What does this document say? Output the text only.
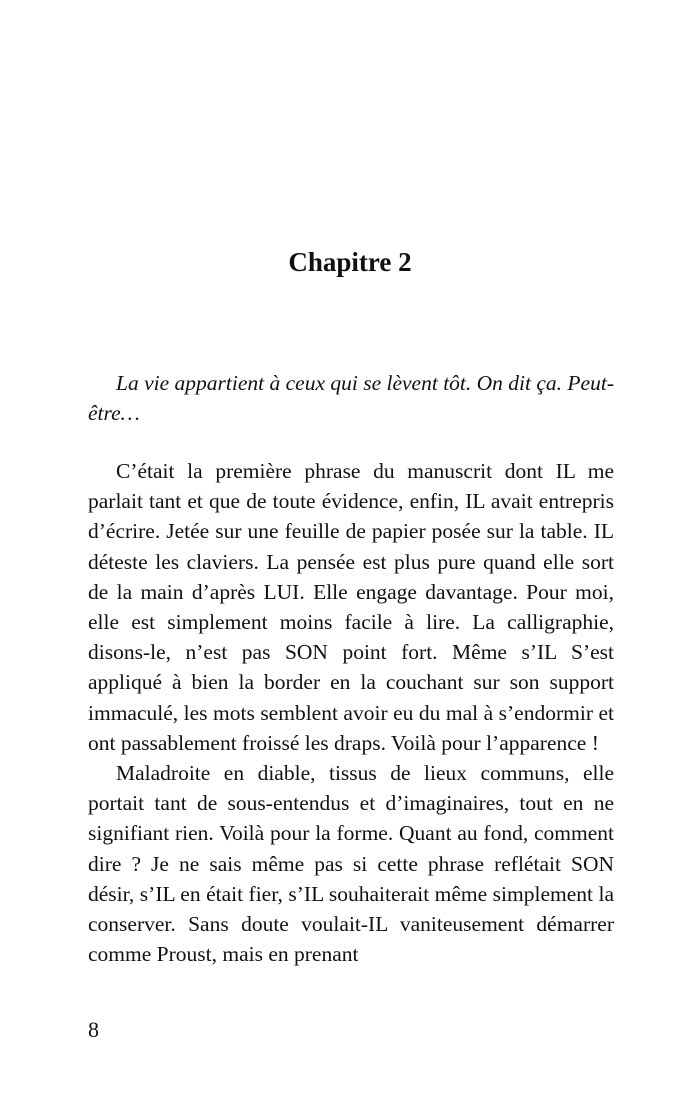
Chapitre 2

La vie appartient à ceux qui se lèvent tôt. On dit ça. Peut-être…

C’était la première phrase du manuscrit dont IL me parlait tant et que de toute évidence, enfin, IL avait entrepris d’écrire. Jetée sur une feuille de papier posée sur la table. IL déteste les claviers. La pensée est plus pure quand elle sort de la main d’après LUI. Elle engage davantage. Pour moi, elle est simplement moins facile à lire. La calligraphie, disons-le, n’est pas SON point fort. Même s’IL S’est appliqué à bien la border en la couchant sur son support immaculé, les mots semblent avoir eu du mal à s’endormir et ont passablement froissé les draps. Voilà pour l’apparence !

Maladroite en diable, tissus de lieux communs, elle portait tant de sous-entendus et d’imaginaires, tout en ne signifiant rien. Voilà pour la forme. Quant au fond, comment dire ? Je ne sais même pas si cette phrase reflétait SON désir, s’IL en était fier, s’IL souhaiterait même simplement la conserver. Sans doute voulait-IL vaniteusement démarrer comme Proust, mais en prenant

8
